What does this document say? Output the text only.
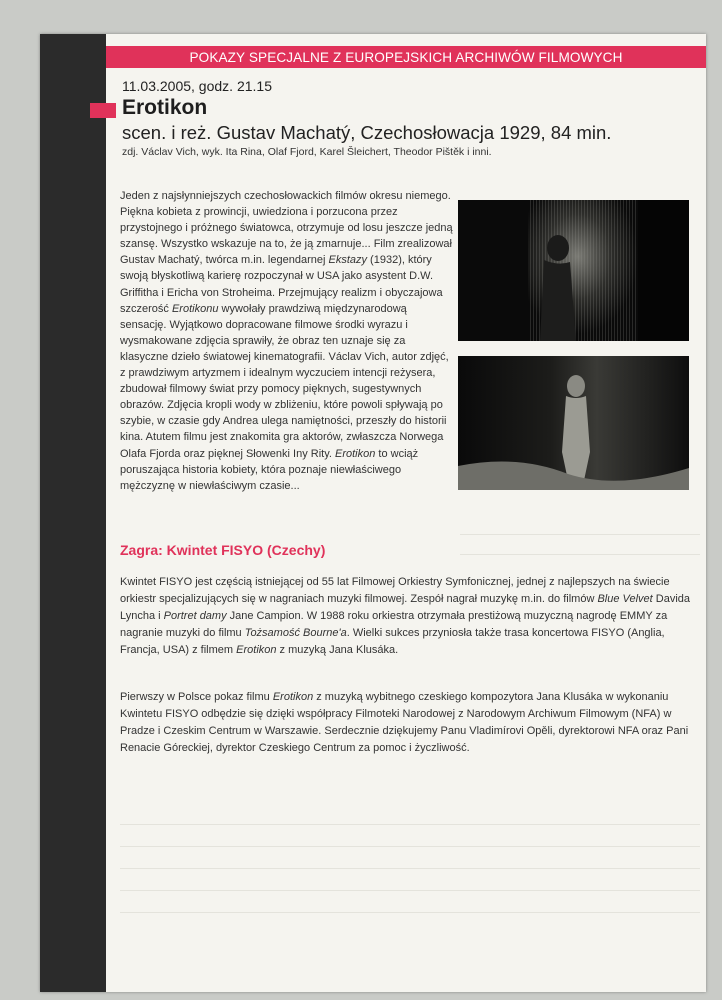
POKAZY SPECJALNE Z EUROPEJSKICH ARCHIWÓW FILMOWYCH
11.03.2005, godz. 21.15
Erotikon
scen. i reż. Gustav Machatý, Czechosłowacja 1929, 84 min.
zdj. Václav Vich, wyk. Ita Rina, Olaf Fjord, Karel Šleichert, Theodor Pištěk i inni.
Jeden z najsłynniejszych czechosłowackich filmów okresu niemego. Piękna kobieta z prowincji, uwiedziona i porzucona przez przystojnego i próżnego światowca, otrzymuje od losu jeszcze jedną szansę. Wszystko wskazuje na to, że ją zmarnuje... Film zrealizował Gustav Machatý, twórca m.in. legendarnej Ekstazy (1932), który swoją błyskotliwą karierę rozpoczynał w USA jako asystent D.W. Griffitha i Ericha von Stroheima. Przejmujący realizm i obyczajowa szczerość Erotikonu wywołały prawdziwą międzynarodową sensację. Wyjątkowo dopracowane filmowe środki wyrazu i wysmakowane zdjęcia sprawiły, że obraz ten uznaje się za klasyczne dzieło światowej kinematografii. Václav Vich, autor zdjęć, z prawdziwym artyzmem i idealnym wyczuciem intencji reżysera, zbudował filmowy świat przy pomocy pięknych, sugestywnych obrazów. Zdjęcia kropli wody w zbliżeniu, które powoli spływają po szybie, w czasie gdy Andrea ulega namiętności, przeszły do historii kina. Atutem filmu jest znakomita gra aktorów, zwłaszcza Norwega Olafa Fjorda oraz pięknej Słowenki Iny Rity. Erotikon to wciąż poruszająca historia kobiety, która poznaje niewłaściwego mężczyznę w niewłaściwym czasie...
Zagra: Kwintet FISYO (Czechy)
Kwintet FISYO jest częścią istniejącej od 55 lat Filmowej Orkiestry Symfonicznej, jednej z najlepszych na świecie orkiestr specjalizujących się w nagraniach muzyki filmowej. Zespół nagrał muzykę m.in. do filmów Blue Velvet Davida Lyncha i Portret damy Jane Campion. W 1988 roku orkiestra otrzymała prestiżową muzyczną nagrodę EMMY za nagranie muzyki do filmu Tożsamość Bourne'a. Wielki sukces przyniosła także trasa koncertowa FISYO (Anglia, Francja, USA) z filmem Erotikon z muzyką Jana Klusáka.
Pierwszy w Polsce pokaz filmu Erotikon z muzyką wybitnego czeskiego kompozytora Jana Klusáka w wykonaniu Kwintetu FISYO odbędzie się dzięki współpracy Filmoteki Narodowej z Narodowym Archiwum Filmowym (NFA) w Pradze i Czeskim Centrum w Warszawie. Serdecznie dziękujemy Panu Vladimírovi Opěli, dyrektorowi NFA oraz Pani Renacie Góreckiej, dyrektor Czeskiego Centrum za pomoc i życzliwość.
